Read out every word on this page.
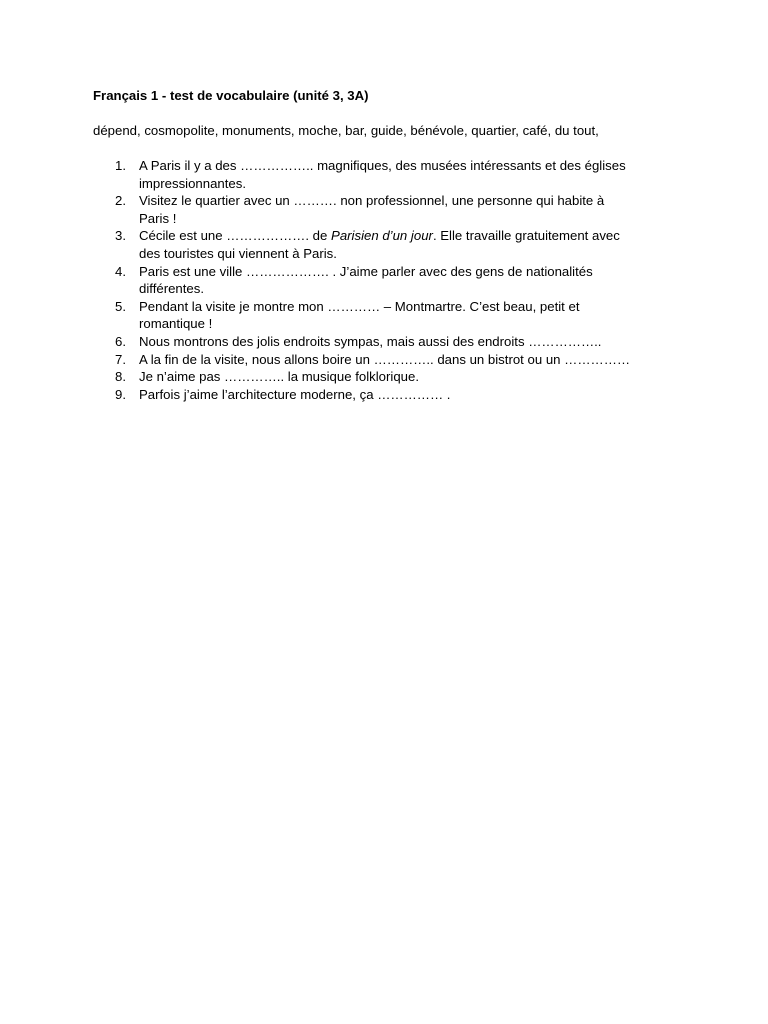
Français 1 - test de vocabulaire (unité 3, 3A)
dépend, cosmopolite, monuments, moche, bar, guide, bénévole, quartier, café, du tout,
1. A Paris il y a des …………….. magnifiques, des musées intéressants et des églises
impressionnantes.
2. Visitez le quartier avec un ………. non professionnel, une personne qui habite à
Paris !
3. Cécile est une ………………. de Parisien d’un jour. Elle travaille gratuitement avec
des touristes qui viennent à Paris.
4. Paris est une ville ………………. . J’aime parler avec des gens de nationalités
différentes.
5. Pendant la visite je montre mon ………… – Montmartre. C’est beau, petit et
romantique !
6. Nous montrons des jolis endroits sympas, mais aussi des endroits ……………..
7. A la fin de la visite, nous allons boire un ………….. dans un bistrot ou un ……………
8. Je n’aime pas ………….. la musique folklorique.
9. Parfois j’aime l’architecture moderne, ça …………… .
